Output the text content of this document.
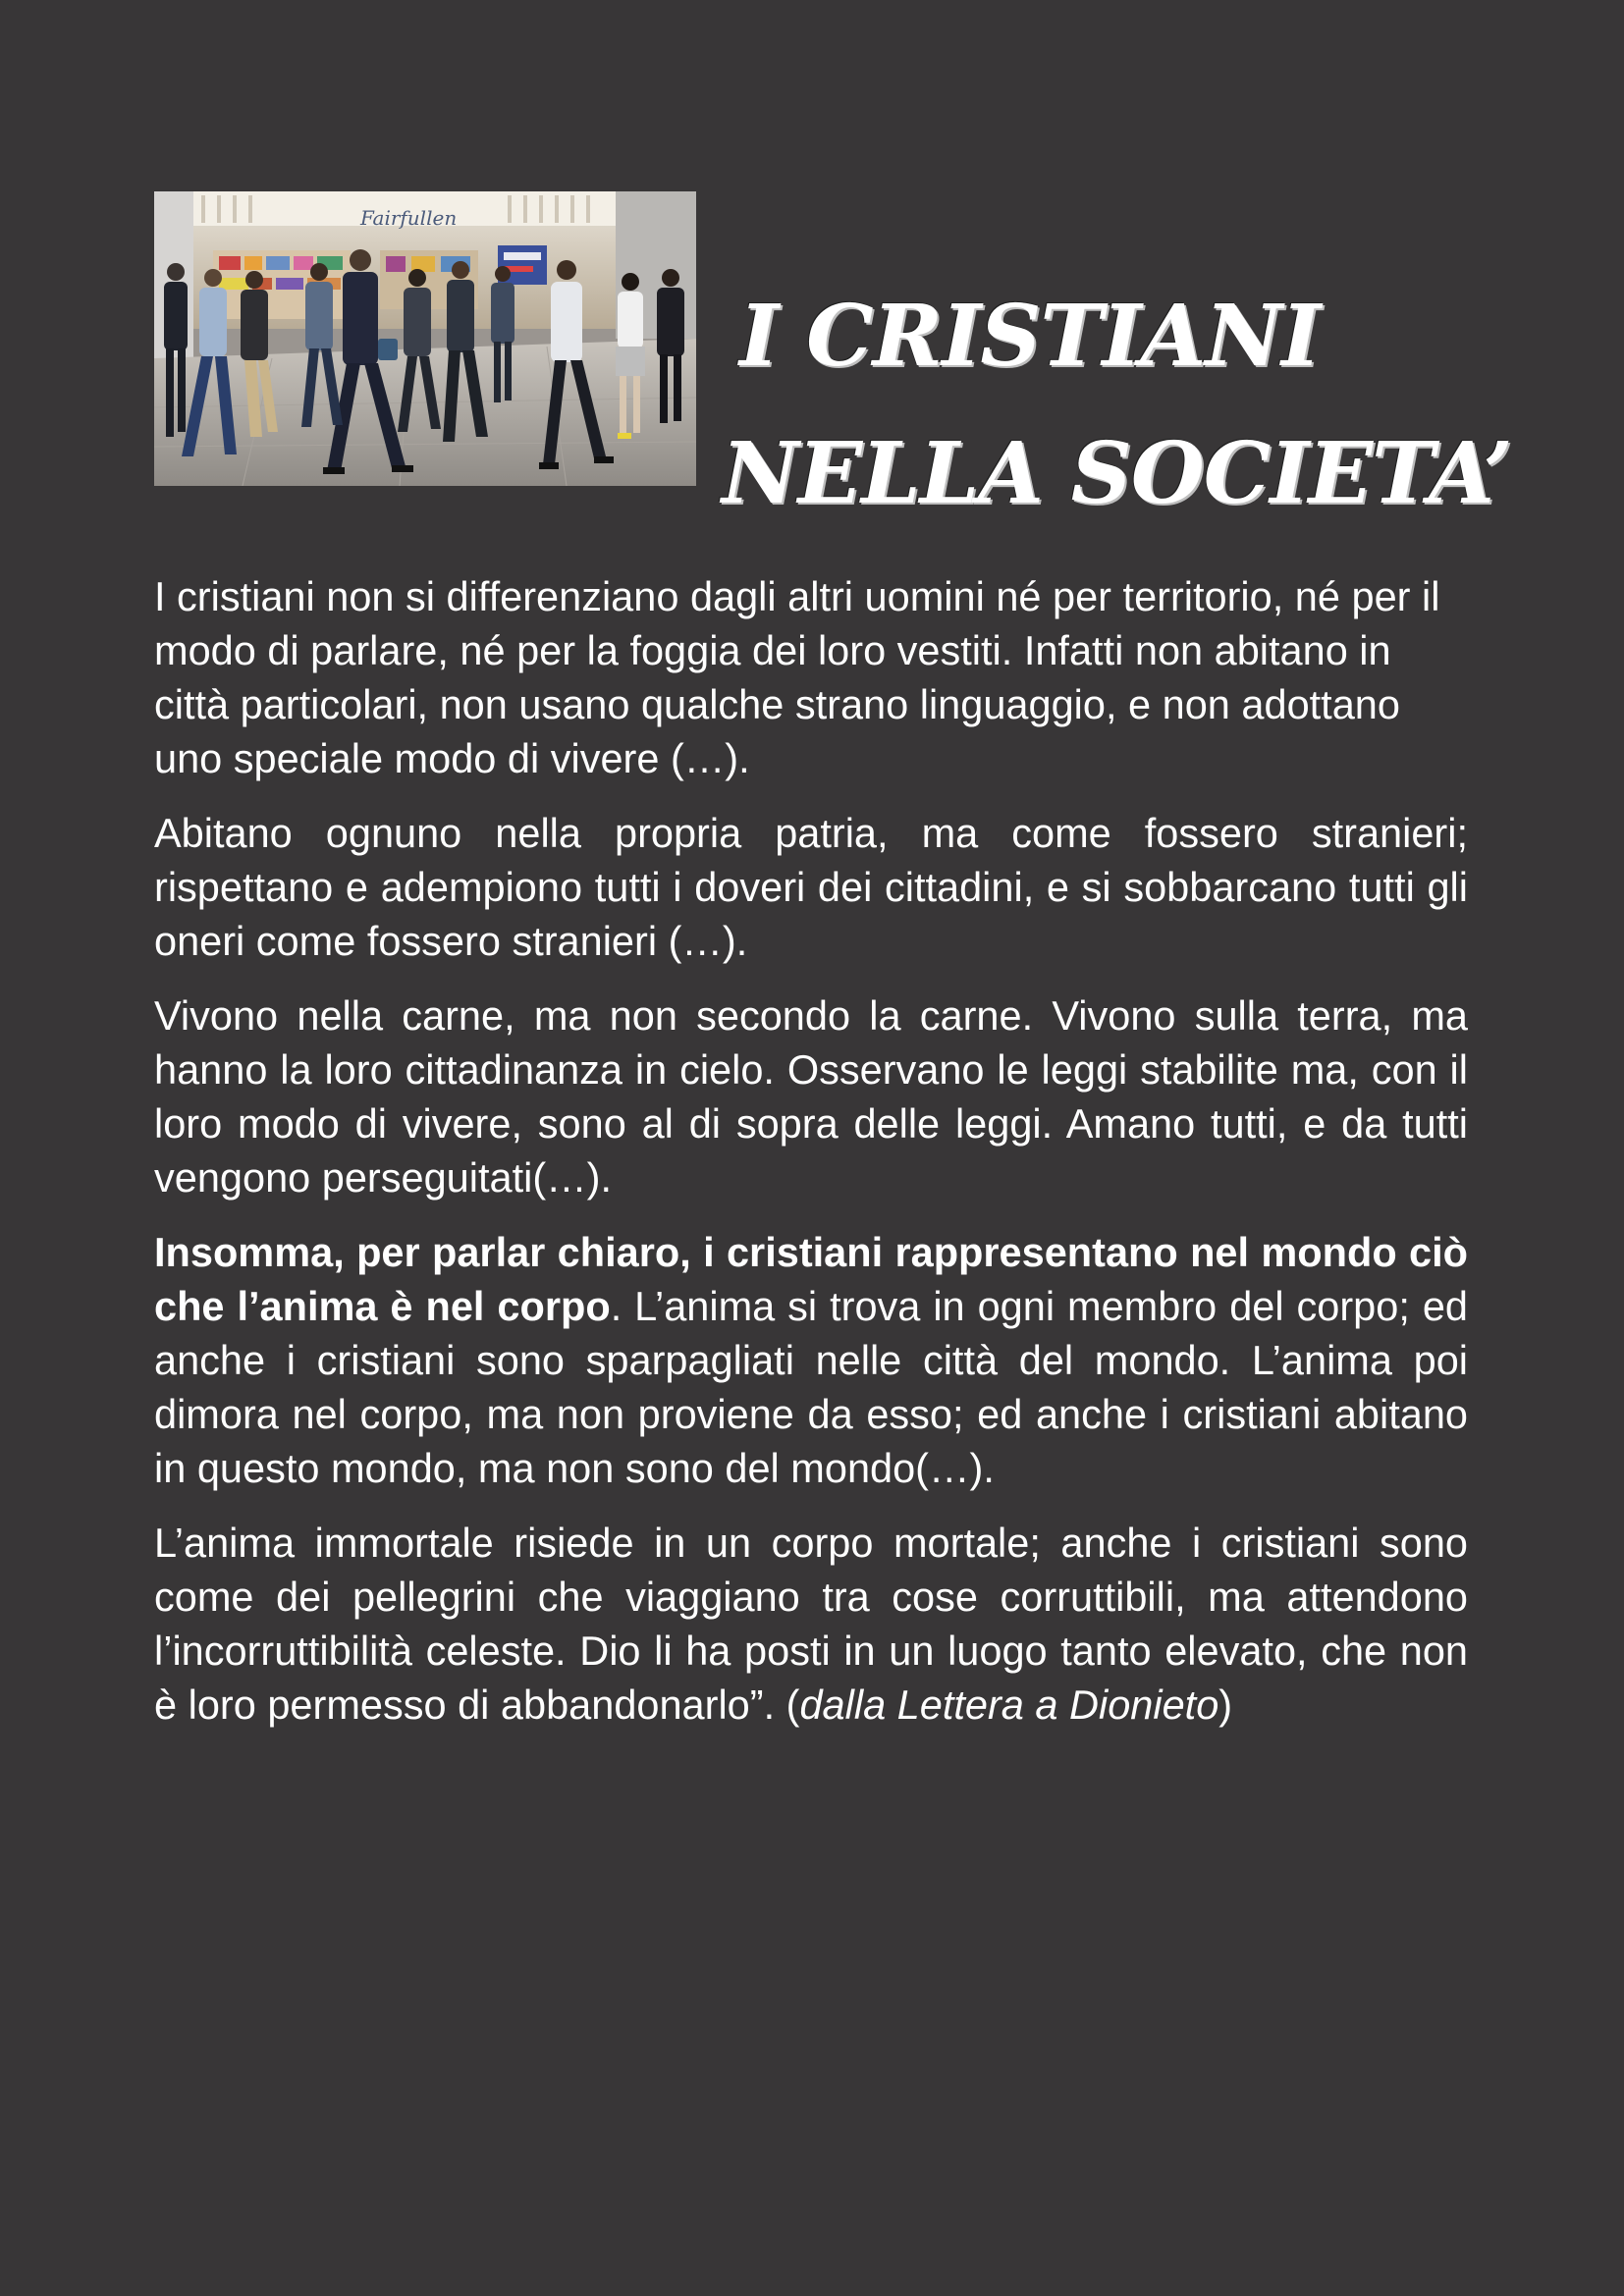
Fairfullen
I CRISTIANI
NELLA SOCIETA’

I cristiani non si differenziano dagli altri uomini né per territorio, né per il modo di parlare, né per la foggia dei loro vestiti. Infatti non abitano in città particolari, non usano qualche strano linguaggio, e non adottano uno speciale modo di vivere (…).

Abitano ognuno nella propria patria, ma come fossero stranieri; rispettano e adempiono tutti i doveri dei cittadini, e si sobbarcano tutti gli oneri come fossero stranieri (…).

Vivono nella carne, ma non secondo la carne. Vivono sulla terra, ma hanno la loro cittadinanza in cielo. Osservano le leggi stabilite ma, con il loro modo di vivere, sono al di sopra delle leggi. Amano tutti, e da tutti vengono perseguitati(…).

Insomma, per parlar chiaro, i cristiani rappresentano nel mondo ciò che l’anima è nel corpo. L’anima si trova in ogni membro del corpo; ed anche i cristiani sono sparpagliati nelle città del mondo. L’anima poi dimora nel corpo, ma non proviene da esso; ed anche i cristiani abitano in questo mondo, ma non sono del mondo(…).

L’anima immortale risiede in un corpo mortale; anche i cristiani sono come dei pellegrini che viaggiano tra cose corruttibili, ma attendono l’incorruttibilità celeste. Dio li ha posti in un luogo tanto elevato, che non è loro permesso di abbandonarlo”. (dalla Lettera a Dionieto)
